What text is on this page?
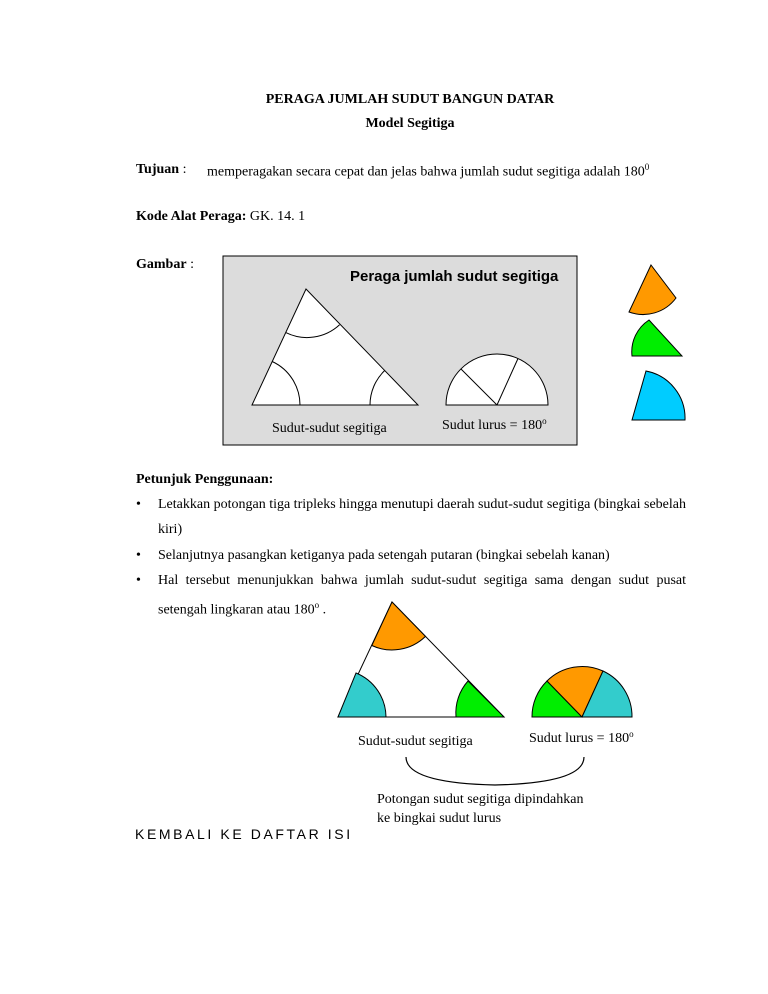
PERAGA JUMLAH SUDUT BANGUN DATAR
Model Segitiga
Tujuan : memperagakan secara cepat dan jelas bahwa jumlah sudut segitiga adalah $180^0$
Kode Alat Peraga: GK. 14. 1
Gambar :
Peraga jumlah sudut segitiga
Sudut-sudut segitiga	Sudut lurus = $180^o$
Sudut-sudut segitiga	Sudut lurus = $180^o$
Petunjuk Penggunaan:
• Letakkan potongan tiga tripleks hingga menutupi daerah sudut-sudut segitiga (bingkai sebelah kiri)
• Selanjutnya pasangkan ketiganya pada setengah putaran (bingkai sebelah kanan)
• Hal tersebut menunjukkan bahwa jumlah sudut-sudut segitiga sama dengan sudut pusat setengah lingkaran atau 180$^o$ .
Potongan sudut segitiga dipindahkan
ke bingkai sudut lurus
KEMBALI KE DAFTAR ISI
